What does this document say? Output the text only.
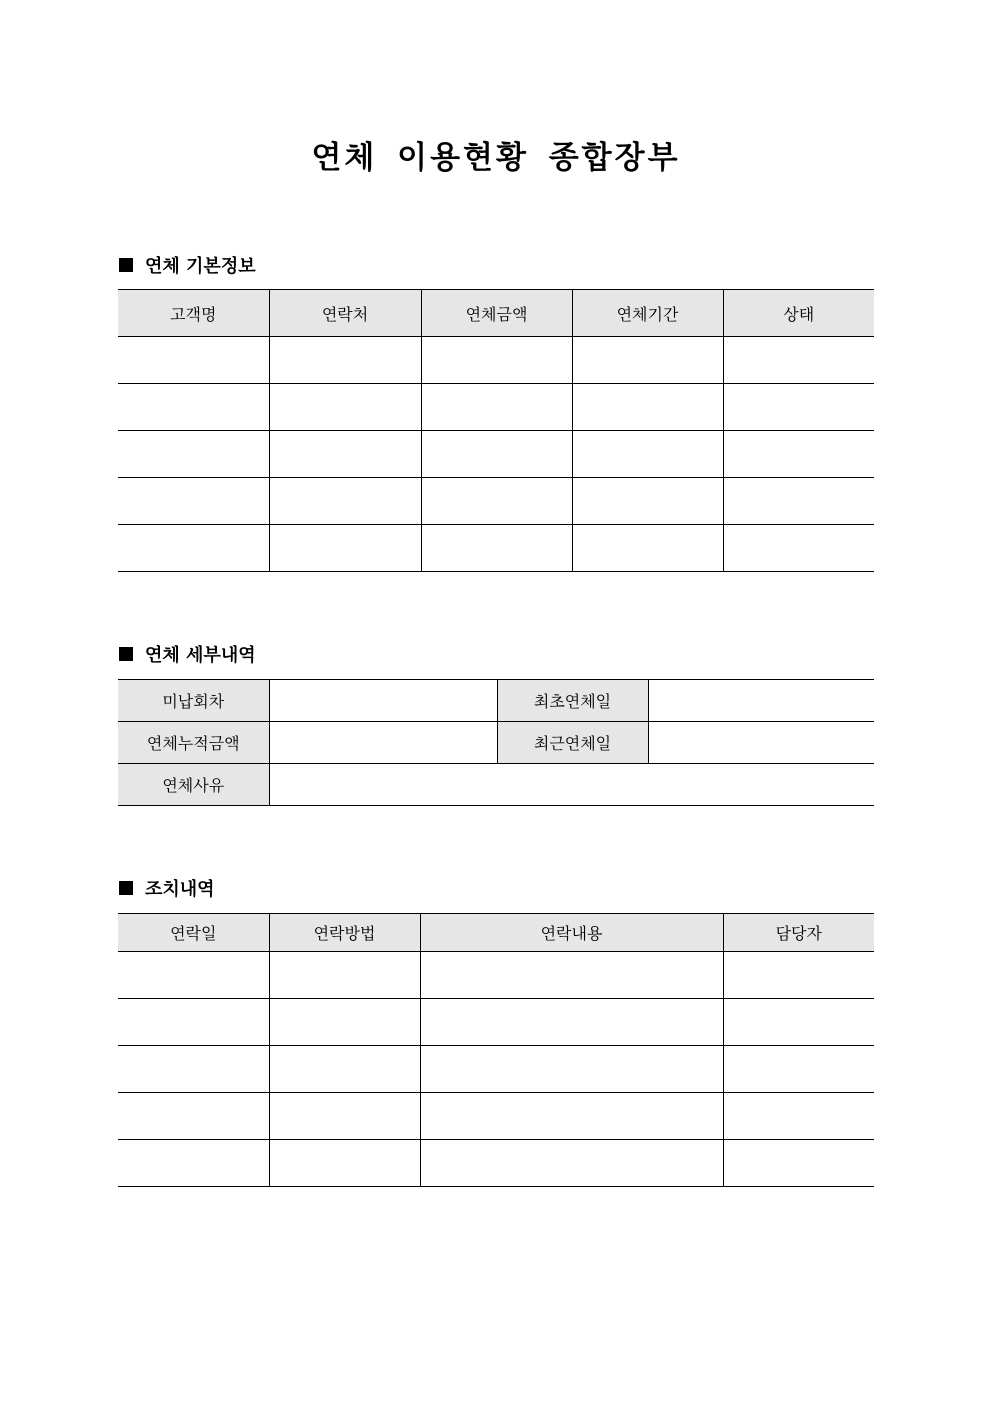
연체 이용현황 종합장부
연체 기본정보
고객명	연락처	연체금액	연체기간	상태

연체 세부내역
미납회차		최초연체일	
연체누적금액		최근연체일	
연체사유			
조치내역
연락일	연락방법	연락내용	담당자
